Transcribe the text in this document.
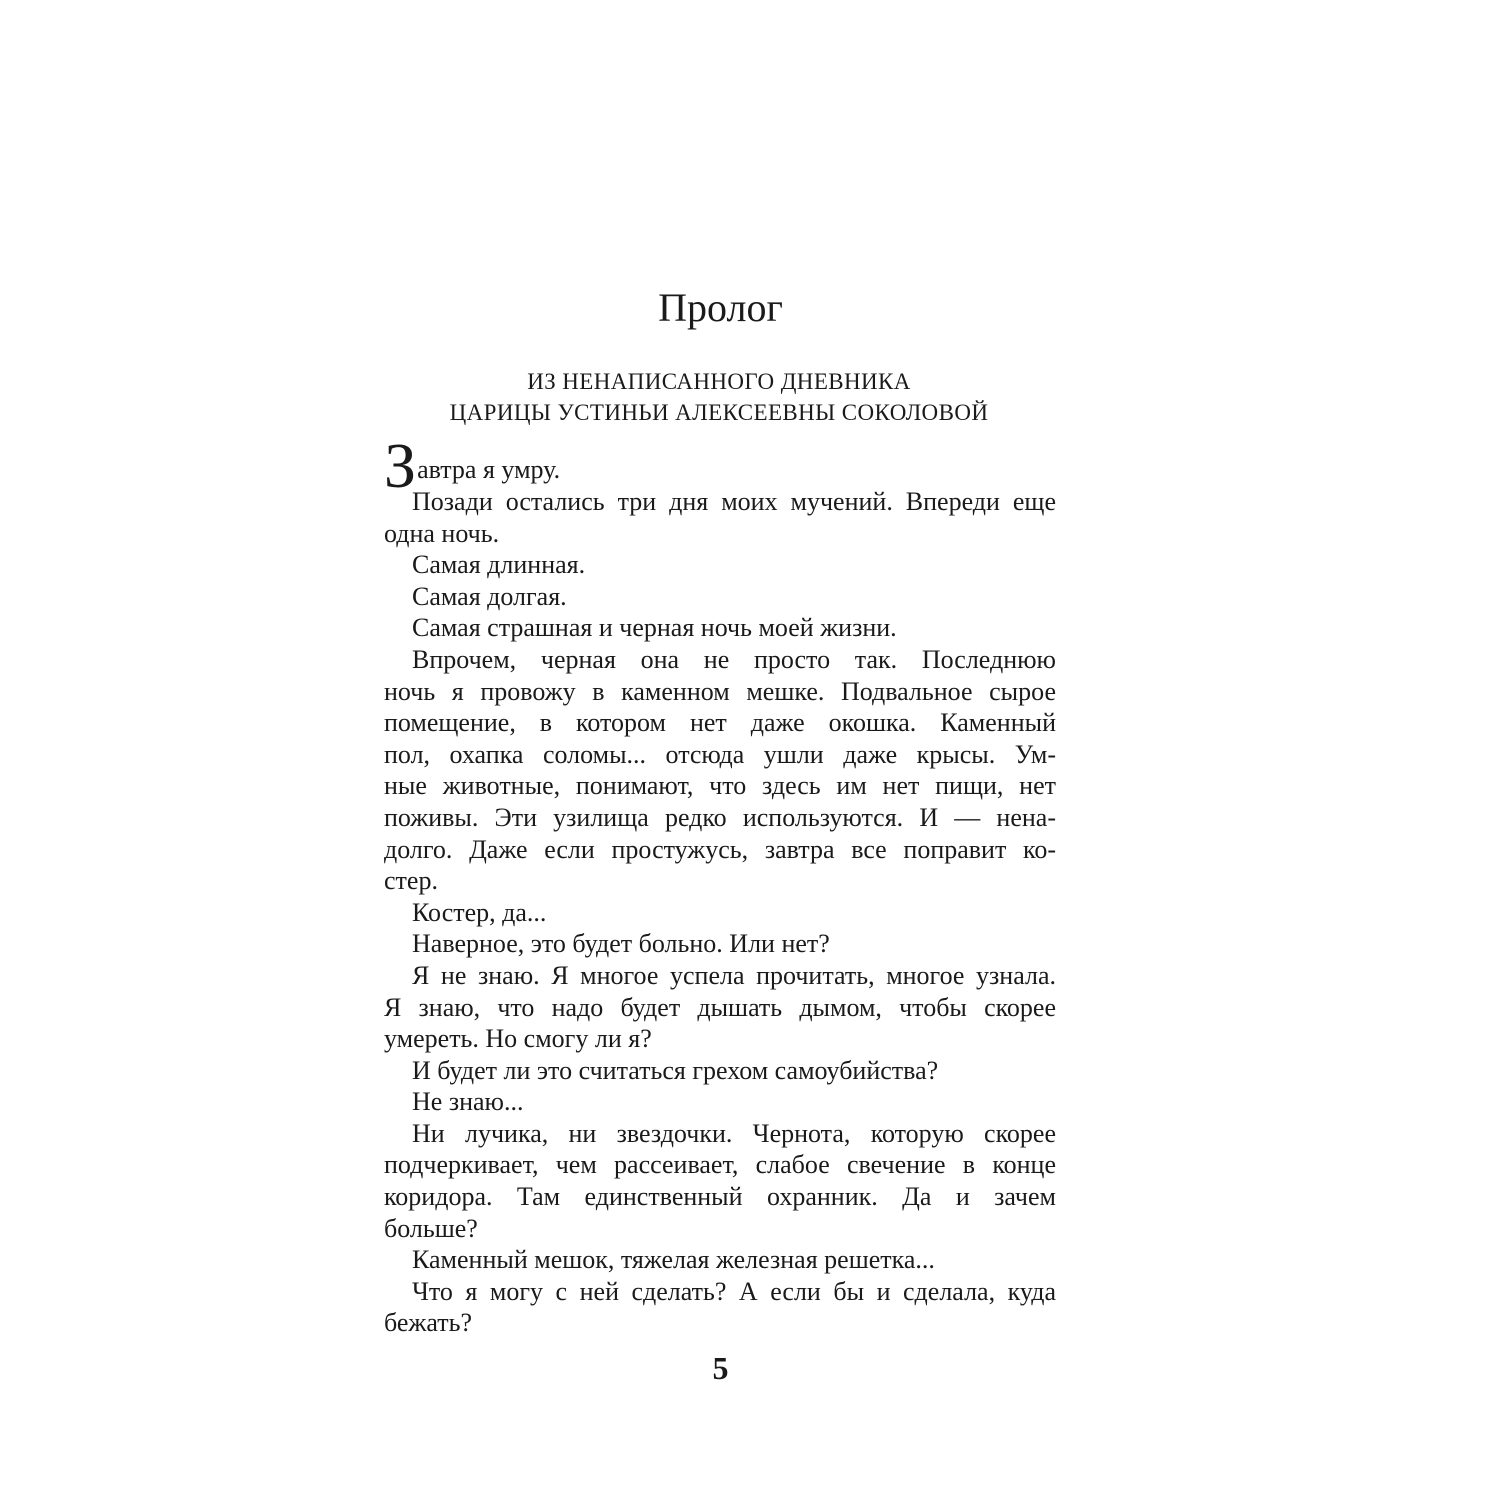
Пролог
ИЗ НЕНАПИСАННОГО ДНЕВНИКА
ЦАРИЦЫ УСТИНЬИ АЛЕКСЕЕВНЫ СОКОЛОВОЙ
З автра я умру.
Позади остались три дня моих мучений. Впереди еще
одна ночь.
Самая длинная.
Самая долгая.
Самая страшная и черная ночь моей жизни.
Впрочем, черная она не просто так. Последнюю
ночь я провожу в каменном мешке. Подвальное сырое
помещение, в котором нет даже окошка. Каменный
пол, охапка соломы... отсюда ушли даже крысы. Ум-
ные животные, понимают, что здесь им нет пищи, нет
поживы. Эти узилища редко используются. И — нена-
долго. Даже если простужусь, завтра все поправит ко-
стер.
Костер, да...
Наверное, это будет больно. Или нет?
Я не знаю. Я многое успела прочитать, многое узнала.
Я знаю, что надо будет дышать дымом, чтобы скорее
умереть. Но смогу ли я?
И будет ли это считаться грехом самоубийства?
Не знаю...
Ни лучика, ни звездочки. Чернота, которую скорее
подчеркивает, чем рассеивает, слабое свечение в конце
коридора. Там единственный охранник. Да и зачем
больше?
Каменный мешок, тяжелая железная решетка...
Что я могу с ней сделать? А если бы и сделала, куда
бежать?
5
